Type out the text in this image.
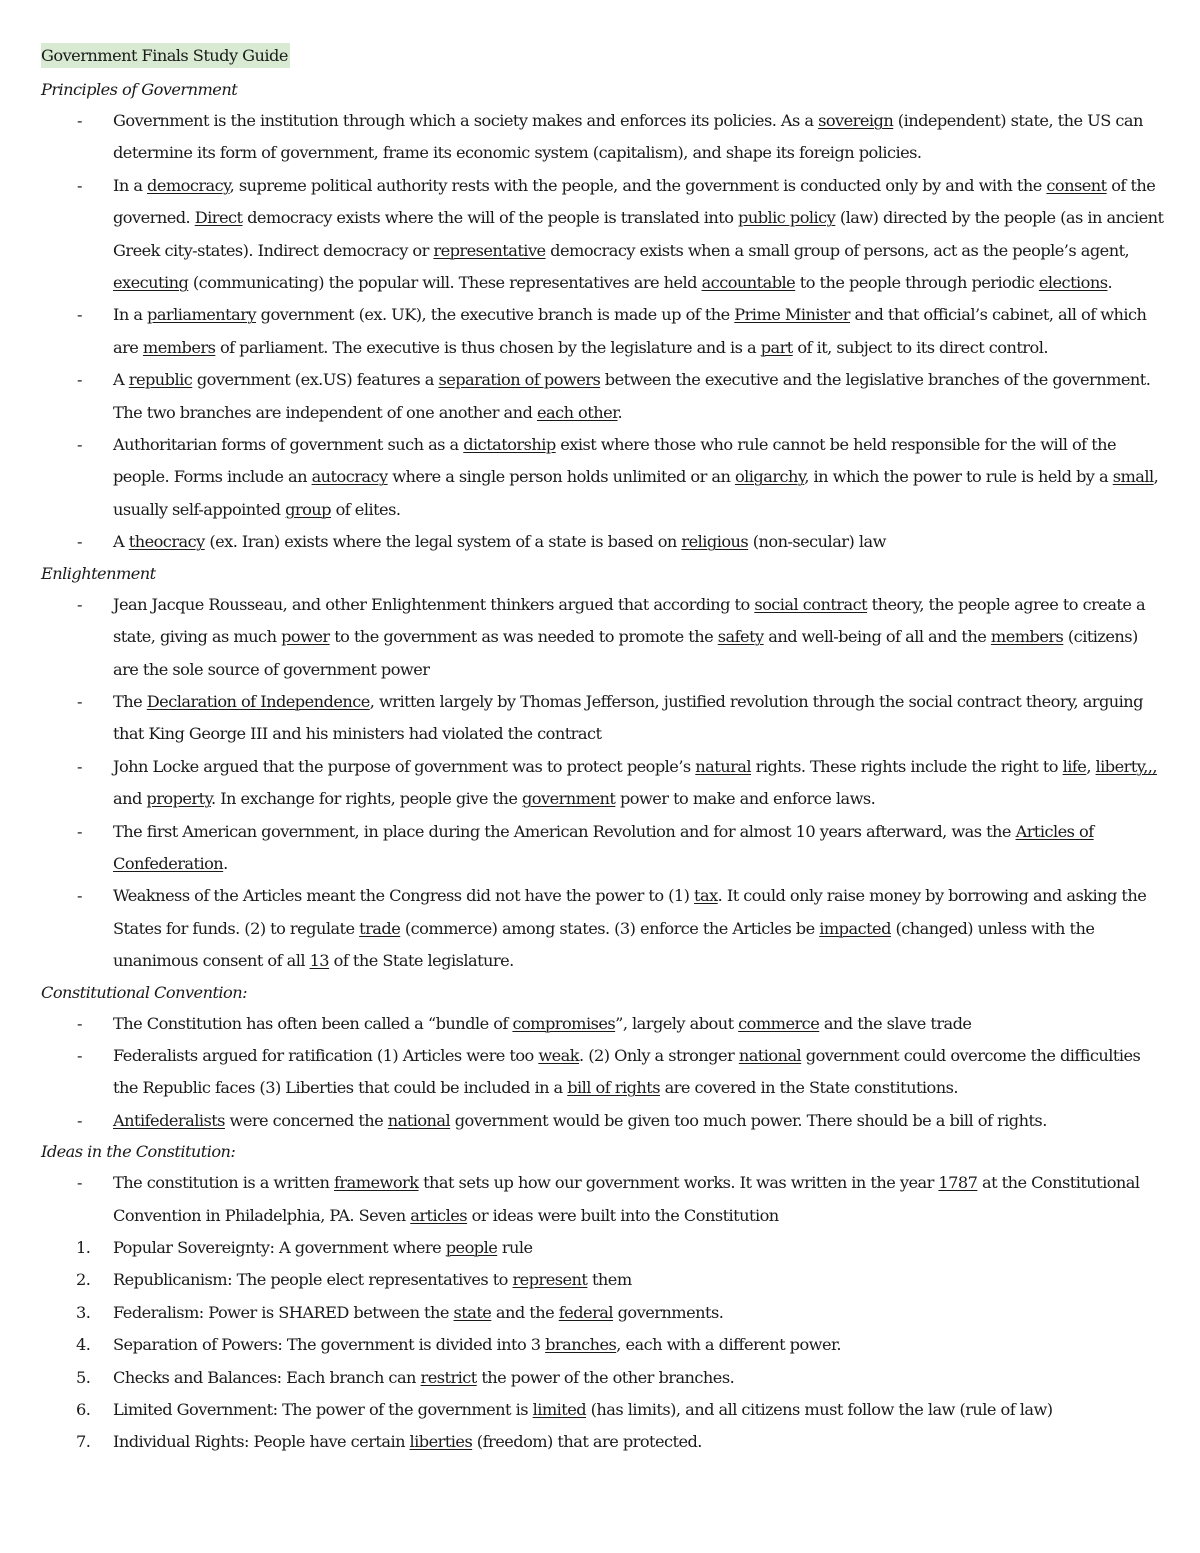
Government Finals Study Guide
Principles of Government
-	Government is the institution through which a society makes and enforces its policies. As a sovereign (independent) state, the US can determine its form of government, frame its economic system (capitalism), and shape its foreign policies.
-	In a democracy, supreme political authority rests with the people, and the government is conducted only by and with the consent of the governed. Direct democracy exists where the will of the people is translated into public policy (law) directed by the people (as in ancient Greek city-states). Indirect democracy or representative democracy exists when a small group of persons, act as the people’s agent, executing (communicating) the popular will. These representatives are held accountable to the people through periodic elections.
-	In a parliamentary government (ex. UK), the executive branch is made up of the Prime Minister and that official’s cabinet, all of which are members of parliament. The executive is thus chosen by the legislature and is a part of it, subject to its direct control.
-	A republic government (ex.US) features a separation of powers between the executive and the legislative branches of the government. The two branches are independent of one another and each other.
-	Authoritarian forms of government such as a dictatorship exist where those who rule cannot be held responsible for the will of the people. Forms include an autocracy where a single person holds unlimited or an oligarchy, in which the power to rule is held by a small, usually self-appointed group of elites.
-	A theocracy (ex. Iran) exists where the legal system of a state is based on religious (non-secular) law
Enlightenment
-	Jean Jacque Rousseau, and other Enlightenment thinkers argued that according to social contract theory, the people agree to create a state, giving as much power to the government as was needed to promote the safety and well-being of all and the members (citizens) are the sole source of government power
-	The Declaration of Independence, written largely by Thomas Jefferson, justified revolution through the social contract theory, arguing that King George III and his ministers had violated the contract
-	John Locke argued that the purpose of government was to protect people’s natural rights. These rights include the right to life, liberty,,, and property. In exchange for rights, people give the government power to make and enforce laws.
-	The first American government, in place during the American Revolution and for almost 10 years afterward, was the Articles of Confederation.
-	Weakness of the Articles meant the Congress did not have the power to (1) tax. It could only raise money by borrowing and asking the States for funds. (2) to regulate trade (commerce) among states. (3) enforce the Articles be impacted (changed) unless with the unanimous consent of all 13 of the State legislature.
Constitutional Convention:
-	The Constitution has often been called a “bundle of compromises”, largely about commerce and the slave trade
-	Federalists argued for ratification (1) Articles were too weak. (2) Only a stronger national government could overcome the difficulties the Republic faces (3) Liberties that could be included in a bill of rights are covered in the State constitutions.
-	Antifederalists were concerned the national government would be given too much power. There should be a bill of rights.
Ideas in the Constitution:
-	The constitution is a written framework that sets up how our government works. It was written in the year 1787 at the Constitutional Convention in Philadelphia, PA. Seven articles or ideas were built into the Constitution
1.	Popular Sovereignty: A government where people rule
2.	Republicanism: The people elect representatives to represent them
3.	Federalism: Power is SHARED between the state and the federal governments.
4.	Separation of Powers: The government is divided into 3 branches, each with a different power.
5.	Checks and Balances: Each branch can restrict the power of the other branches.
6.	Limited Government: The power of the government is limited (has limits), and all citizens must follow the law (rule of law)
7.	Individual Rights: People have certain liberties (freedom) that are protected.
